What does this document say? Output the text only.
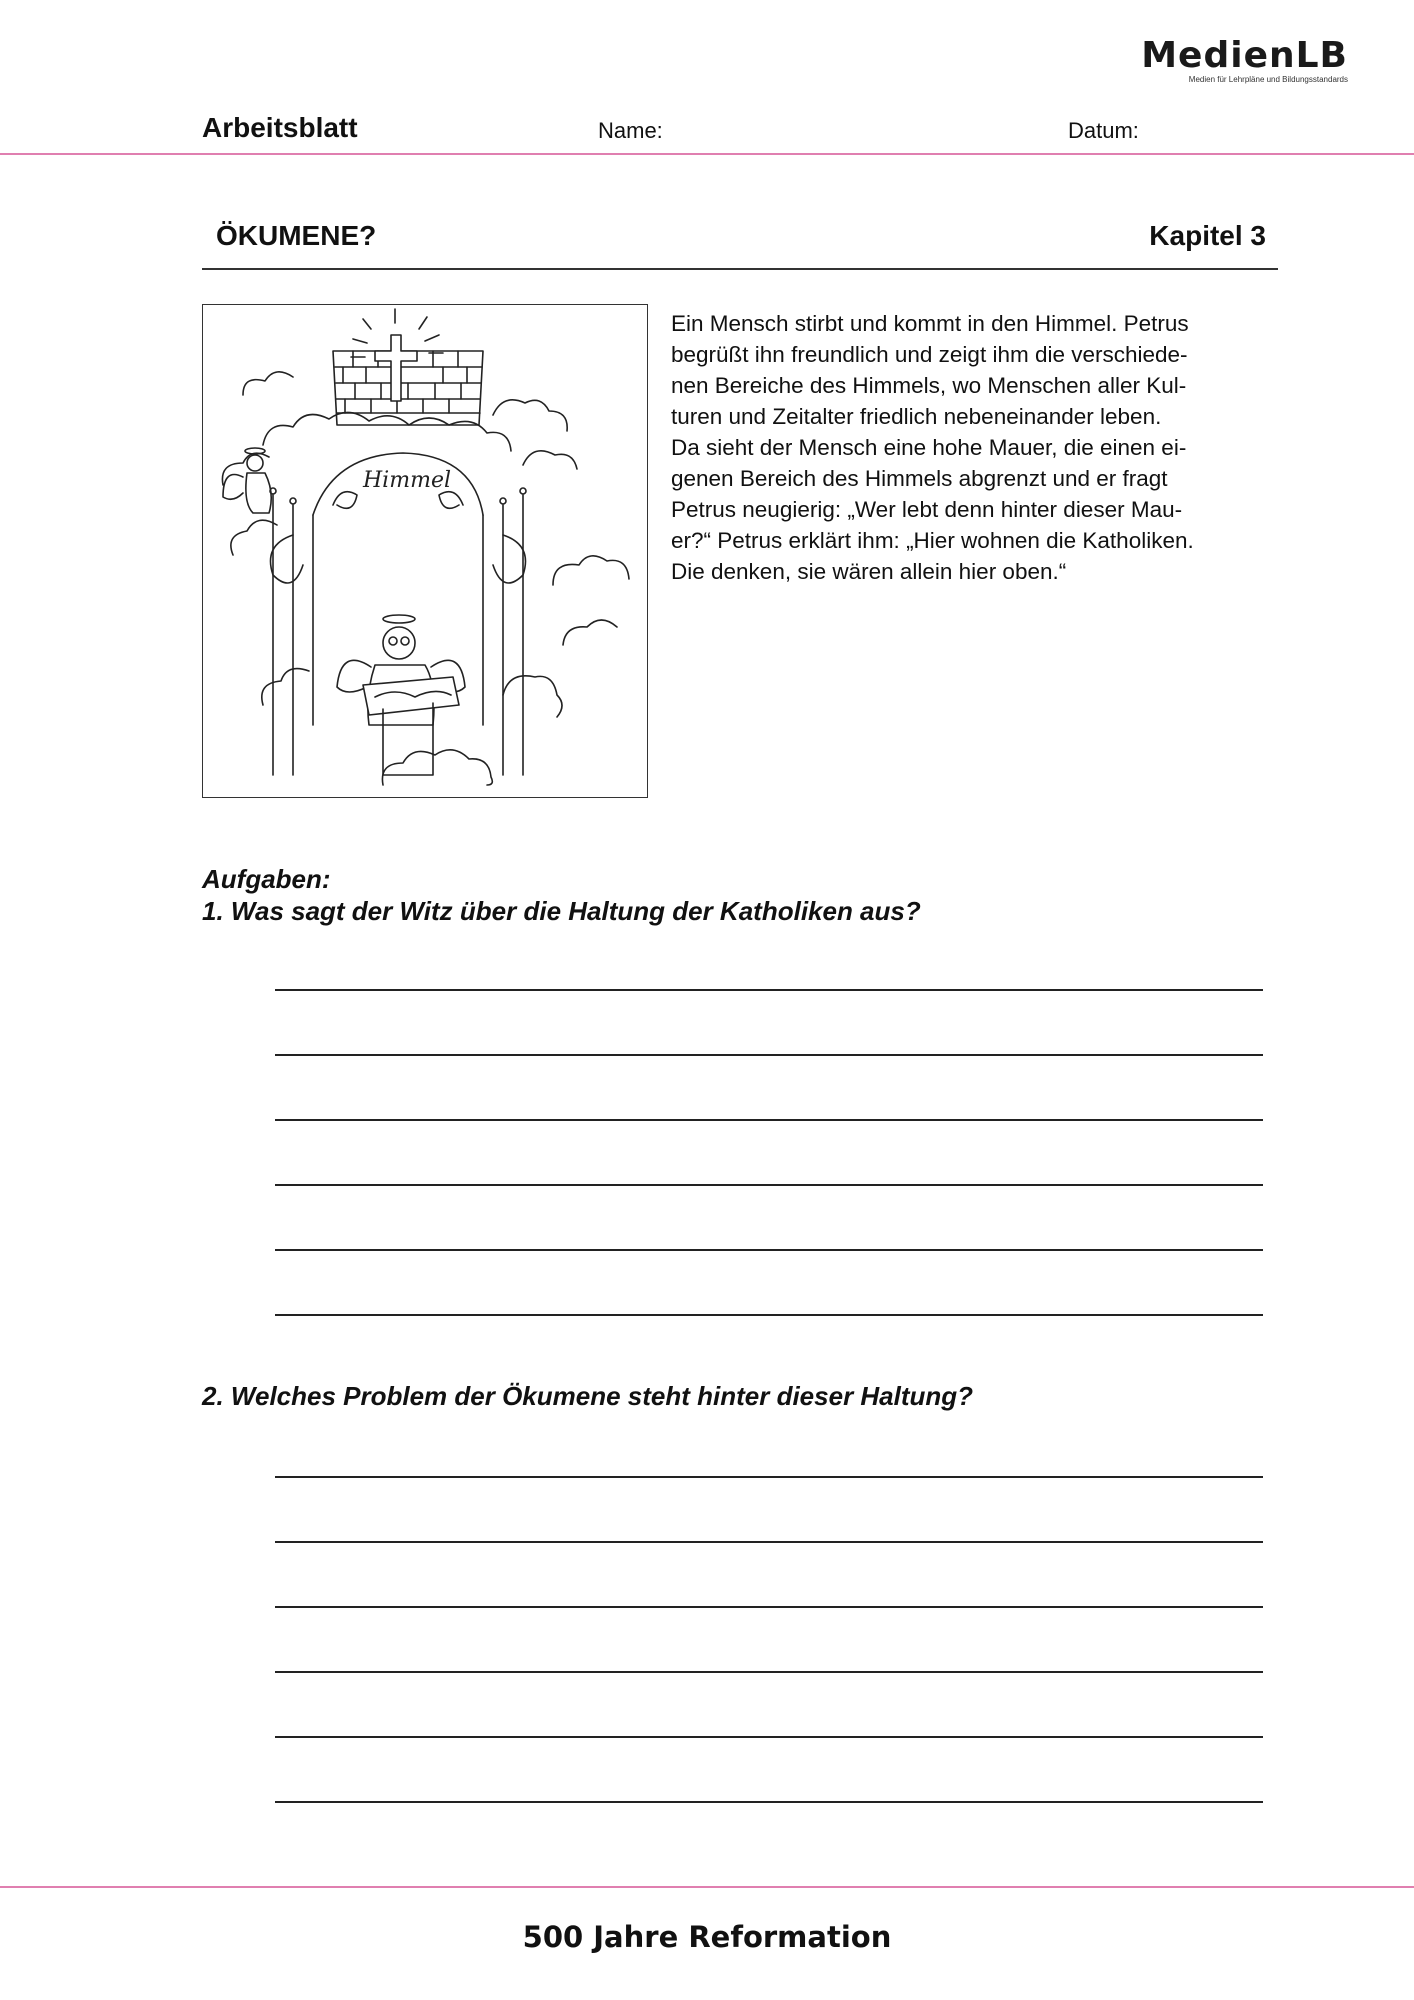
MedienLB
Medien für Lehrpläne und Bildungsstandards
Arbeitsblatt	Name:	Datum:
ÖKUMENE?	Kapitel 3
Himmel
Ein Mensch stirbt und kommt in den Himmel. Petrus
begrüßt ihn freundlich und zeigt ihm die verschiede-
nen Bereiche des Himmels, wo Menschen aller Kul-
turen und Zeitalter friedlich nebeneinander leben.
Da sieht der Mensch eine hohe Mauer, die einen ei-
genen Bereich des Himmels abgrenzt und er fragt
Petrus neugierig: „Wer lebt denn hinter dieser Mau-
er?“ Petrus erklärt ihm: „Hier wohnen die Katholiken.
Die denken, sie wären allein hier oben.“
Aufgaben:
1. Was sagt der Witz über die Haltung der Katholiken aus?
2. Welches Problem der Ökumene steht hinter dieser Haltung?
500 Jahre Reformation
